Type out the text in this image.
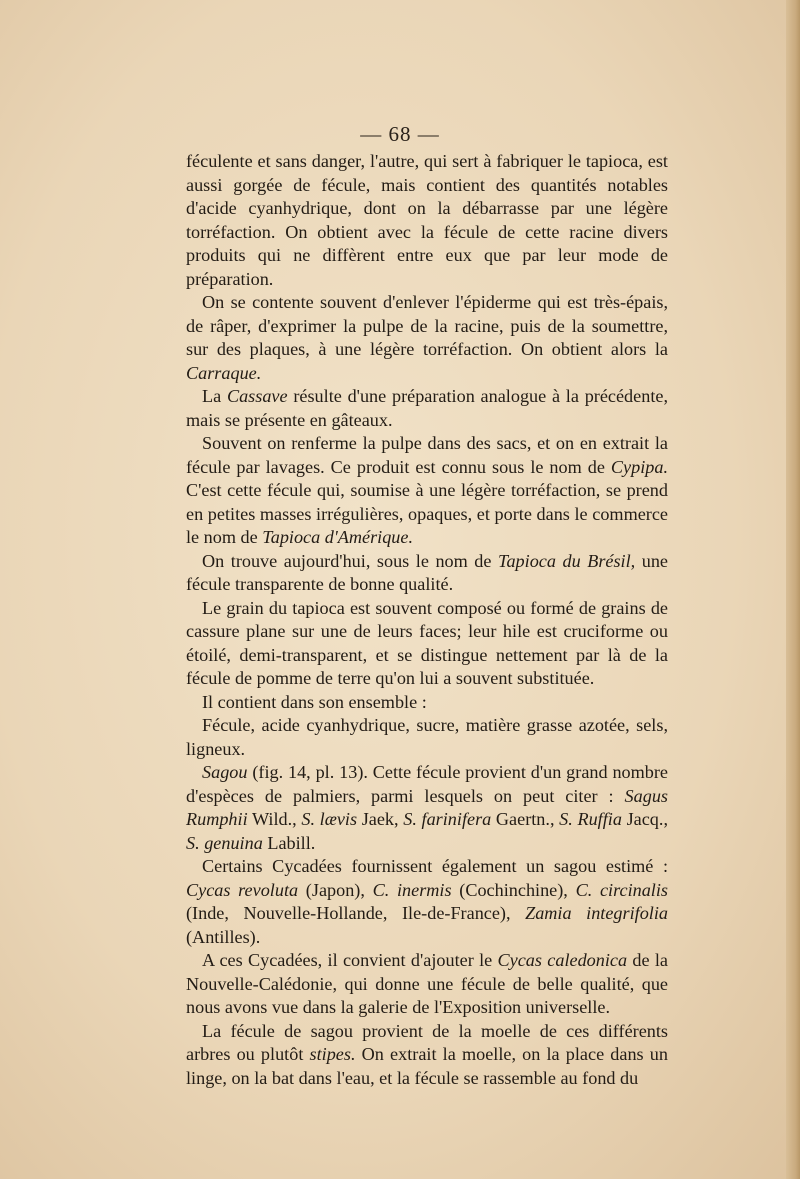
— 68 —

féculente et sans danger, l'autre, qui sert à fabriquer le tapioca, est aussi gorgée de fécule, mais contient des quantités notables d'acide cyanhydrique, dont on la débarrasse par une légère torréfaction. On obtient avec la fécule de cette racine divers produits qui ne diffèrent entre eux que par leur mode de préparation.

On se contente souvent d'enlever l'épiderme qui est très-épais, de râper, d'exprimer la pulpe de la racine, puis de la soumettre, sur des plaques, à une légère torréfaction. On obtient alors la Carraque.

La Cassave résulte d'une préparation analogue à la précédente, mais se présente en gâteaux.

Souvent on renferme la pulpe dans des sacs, et on en extrait la fécule par lavages. Ce produit est connu sous le nom de Cypipa. C'est cette fécule qui, soumise à une légère torréfaction, se prend en petites masses irrégulières, opaques, et porte dans le commerce le nom de Tapioca d'Amérique.

On trouve aujourd'hui, sous le nom de Tapioca du Brésil, une fécule transparente de bonne qualité.

Le grain du tapioca est souvent composé ou formé de grains de cassure plane sur une de leurs faces; leur hile est cruciforme ou étoilé, demi-transparent, et se distingue nettement par là de la fécule de pomme de terre qu'on lui a souvent substituée.

Il contient dans son ensemble :

Fécule, acide cyanhydrique, sucre, matière grasse azotée, sels, ligneux.

Sagou (fig. 14, pl. 13). Cette fécule provient d'un grand nombre d'espèces de palmiers, parmi lesquels on peut citer : Sagus Rumphii Wild., S. lævis Jaek, S. farinifera Gaertn., S. Ruffia Jacq., S. genuina Labill.

Certains Cycadées fournissent également un sagou estimé : Cycas revoluta (Japon), C. inermis (Cochinchine), C. circinalis (Inde, Nouvelle-Hollande, Ile-de-France), Zamia integrifolia (Antilles).

A ces Cycadées, il convient d'ajouter le Cycas caledonica de la Nouvelle-Calédonie, qui donne une fécule de belle qualité, que nous avons vue dans la galerie de l'Exposition universelle.

La fécule de sagou provient de la moelle de ces différents arbres ou plutôt stipes. On extrait la moelle, on la place dans un linge, on la bat dans l'eau, et la fécule se rassemble au fond du
